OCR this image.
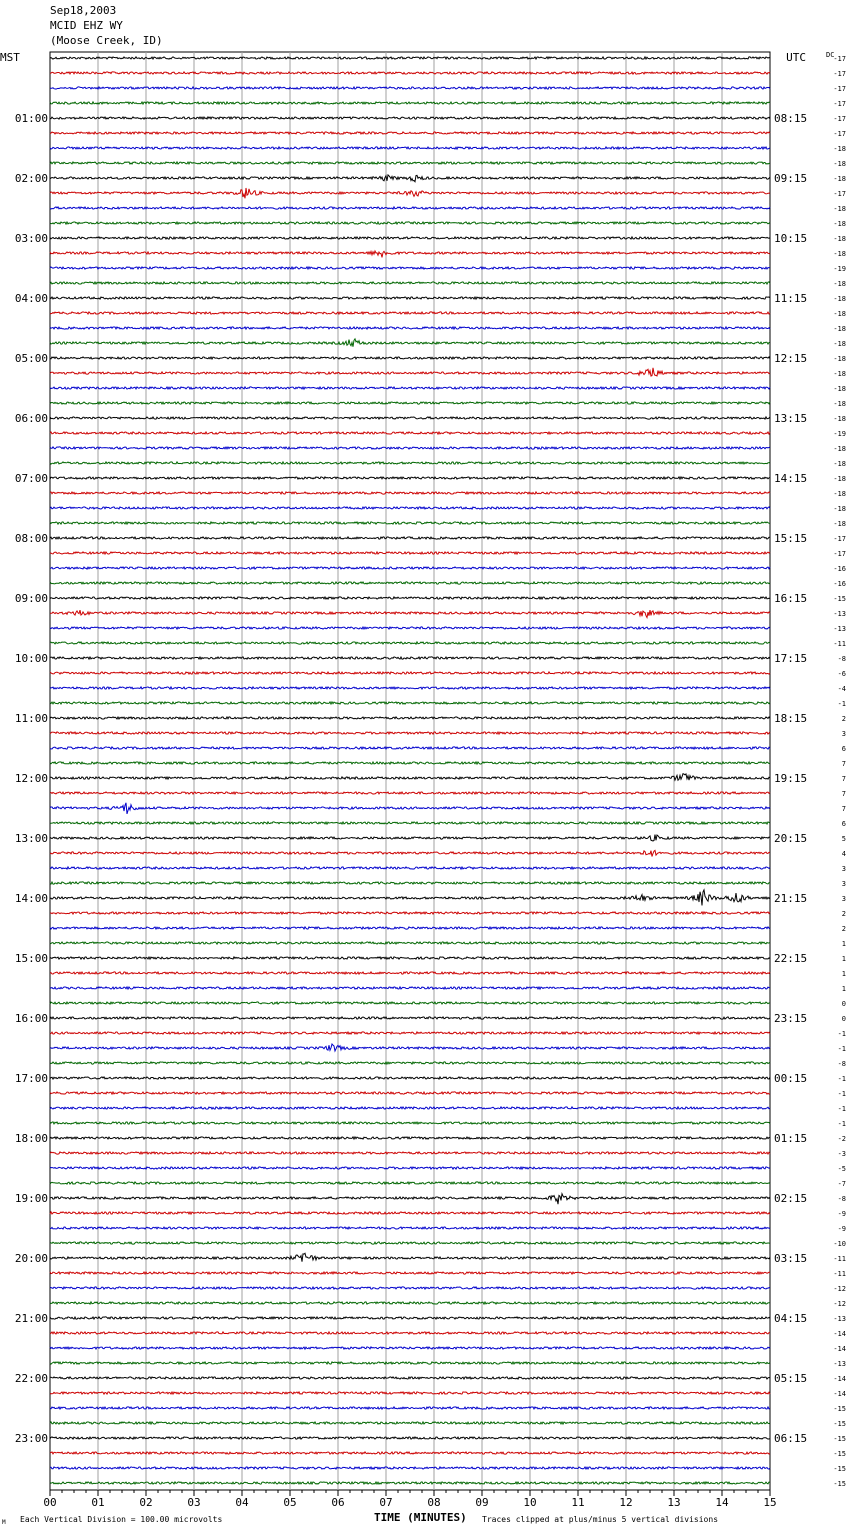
Sep18,2003
MCID EHZ WY
(Moose Creek, ID)
00	01	02	03	04	05	06	07	08	09	10	11	12	13	14	15
MST	UTC	DC
-17
-17
-17
-17
01:00	08:15	-17
-17
-18
-18
02:00	09:15	-18
-17
-18
-18
03:00	10:15	-18
-18
-19
-18
04:00	11:15	-18
-18
-18
-18
05:00	12:15	-18
-18
-18
-18
06:00	13:15	-18
-19
-18
-18
07:00	14:15	-18
-18
-18
-18
08:00	15:15	-17
-17
-16
-16
09:00	16:15	-15
-13
-13
-11
10:00	17:15	-8
-6
-4
-1
11:00	18:15	2
3
6
7
12:00	19:15	7
7
7
6
13:00	20:15	5
4
3
3
14:00	21:15	3
2
2
1
15:00	22:15	1
1
1
0
16:00	23:15	0
-1
-1
-8
17:00	00:15	-1
-1
-1
-1
18:00	01:15	-2
-3
-5
-7
19:00	02:15	-8
-9
-9
-10
20:00	03:15	-11
-11
-12
-12
21:00	04:15	-13
-14
-14
-13
22:00	05:15	-14
-14
-15
-15
23:00	06:15	-15
-15
-15
-15
TIME (MINUTES)
Each Vertical Division = 100.00 microvolts	Traces clipped at plus/minus 5 vertical divisions
M
